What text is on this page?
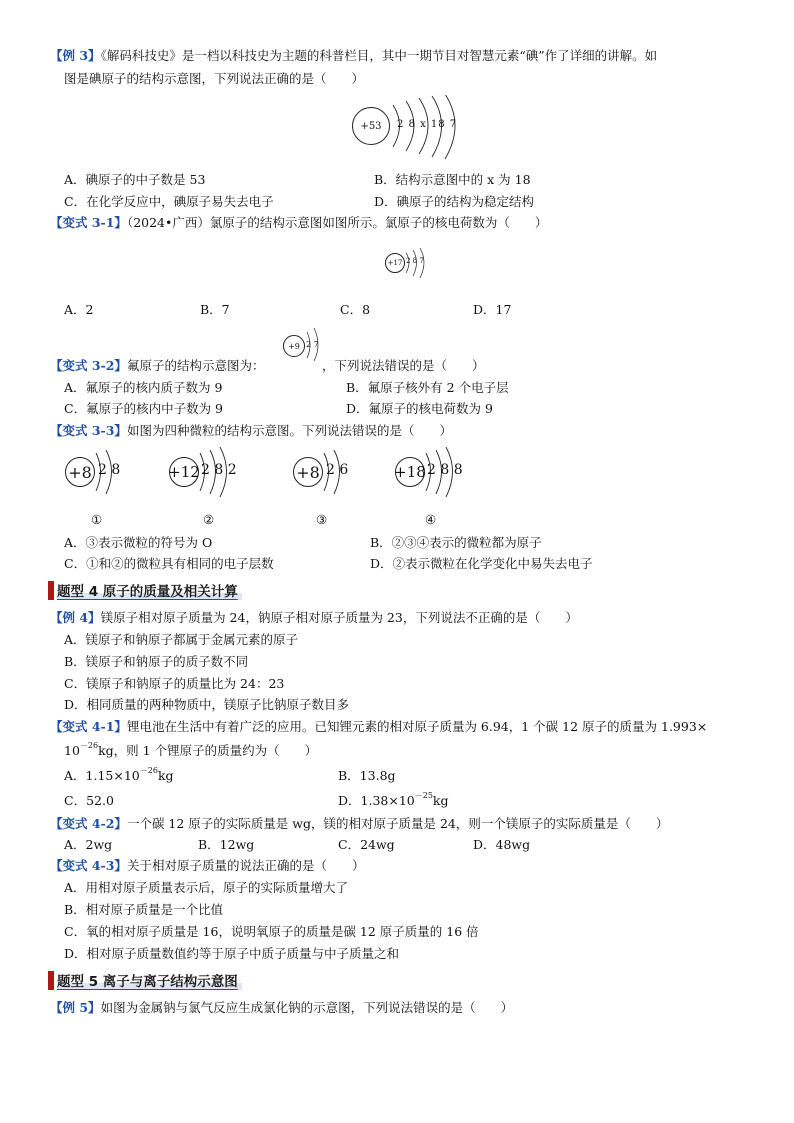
【例 3】《解码科技史》是一档以科技史为主题的科普栏目，其中一期节目对智慧元素“碘”作了详细的讲解。如
图是碘原子的结构示意图，下列说法正确的是（　　）
+53	2 8 x 18 7
A．碘原子的中子数是 53	B．结构示意图中的 x 为 18
C．在化学反应中，碘原子易失去电子	D．碘原子的结构为稳定结构
【变式 3-1】（2024•广西）氯原子的结构示意图如图所示。氯原子的核电荷数为（　　）
+17 2 8 7
A．2	B．7	C．8	D．17
+9 2 7
【变式 3-2】氟原子的结构示意图为：	，下列说法错误的是（　　）
A．氟原子的核内质子数为 9	B．氟原子核外有 2 个电子层
C．氟原子的核内中子数为 9	D．氟原子的核电荷数为 9
【变式 3-3】如图为四种微粒的结构示意图。下列说法错误的是（　　）
+8 2 8	+12 2 8 2	+8 2 6	+18 2 8 8
①	②	③	④
A．③表示微粒的符号为 O	B．②③④表示的微粒都为原子
C．①和②的微粒具有相同的电子层数	D．②表示微粒在化学变化中易失去电子
题型 4 原子的质量及相关计算
【例 4】镁原子相对原子质量为 24，钠原子相对原子质量为 23，下列说法不正确的是（　　）
A．镁原子和钠原子都属于金属元素的原子
B．镁原子和钠原子的质子数不同
C．镁原子和钠原子的质量比为 24：23
D．相同质量的两种物质中，镁原子比钠原子数目多
【变式 4-1】锂电池在生活中有着广泛的应用。已知锂元素的相对原子质量为 6.94，1 个碳 12 原子的质量为 1.993×
$10^{-26}kg$，则 1 个锂原子的质量约为（　　）
A．$1.15\times 10^{-26}kg$	B．13.8g
C．52.0	D．$1.38\times 10^{-25}kg$
【变式 4-2】一个碳 12 原子的实际质量是 wg，镁的相对原子质量是 24，则一个镁原子的实际质量是（　　）
A．2wg	B．12wg	C．24wg	D．48wg
【变式 4-3】关于相对原子质量的说法正确的是（　　）
A．用相对原子质量表示后，原子的实际质量增大了
B．相对原子质量是一个比值
C．氧的相对原子质量是 16，说明氧原子的质量是碳 12 原子质量的 16 倍
D．相对原子质量数值约等于原子中质子质量与中子质量之和
题型 5 离子与离子结构示意图
【例 5】如图为金属钠与氯气反应生成氯化钠的示意图，下列说法错误的是（　　）
